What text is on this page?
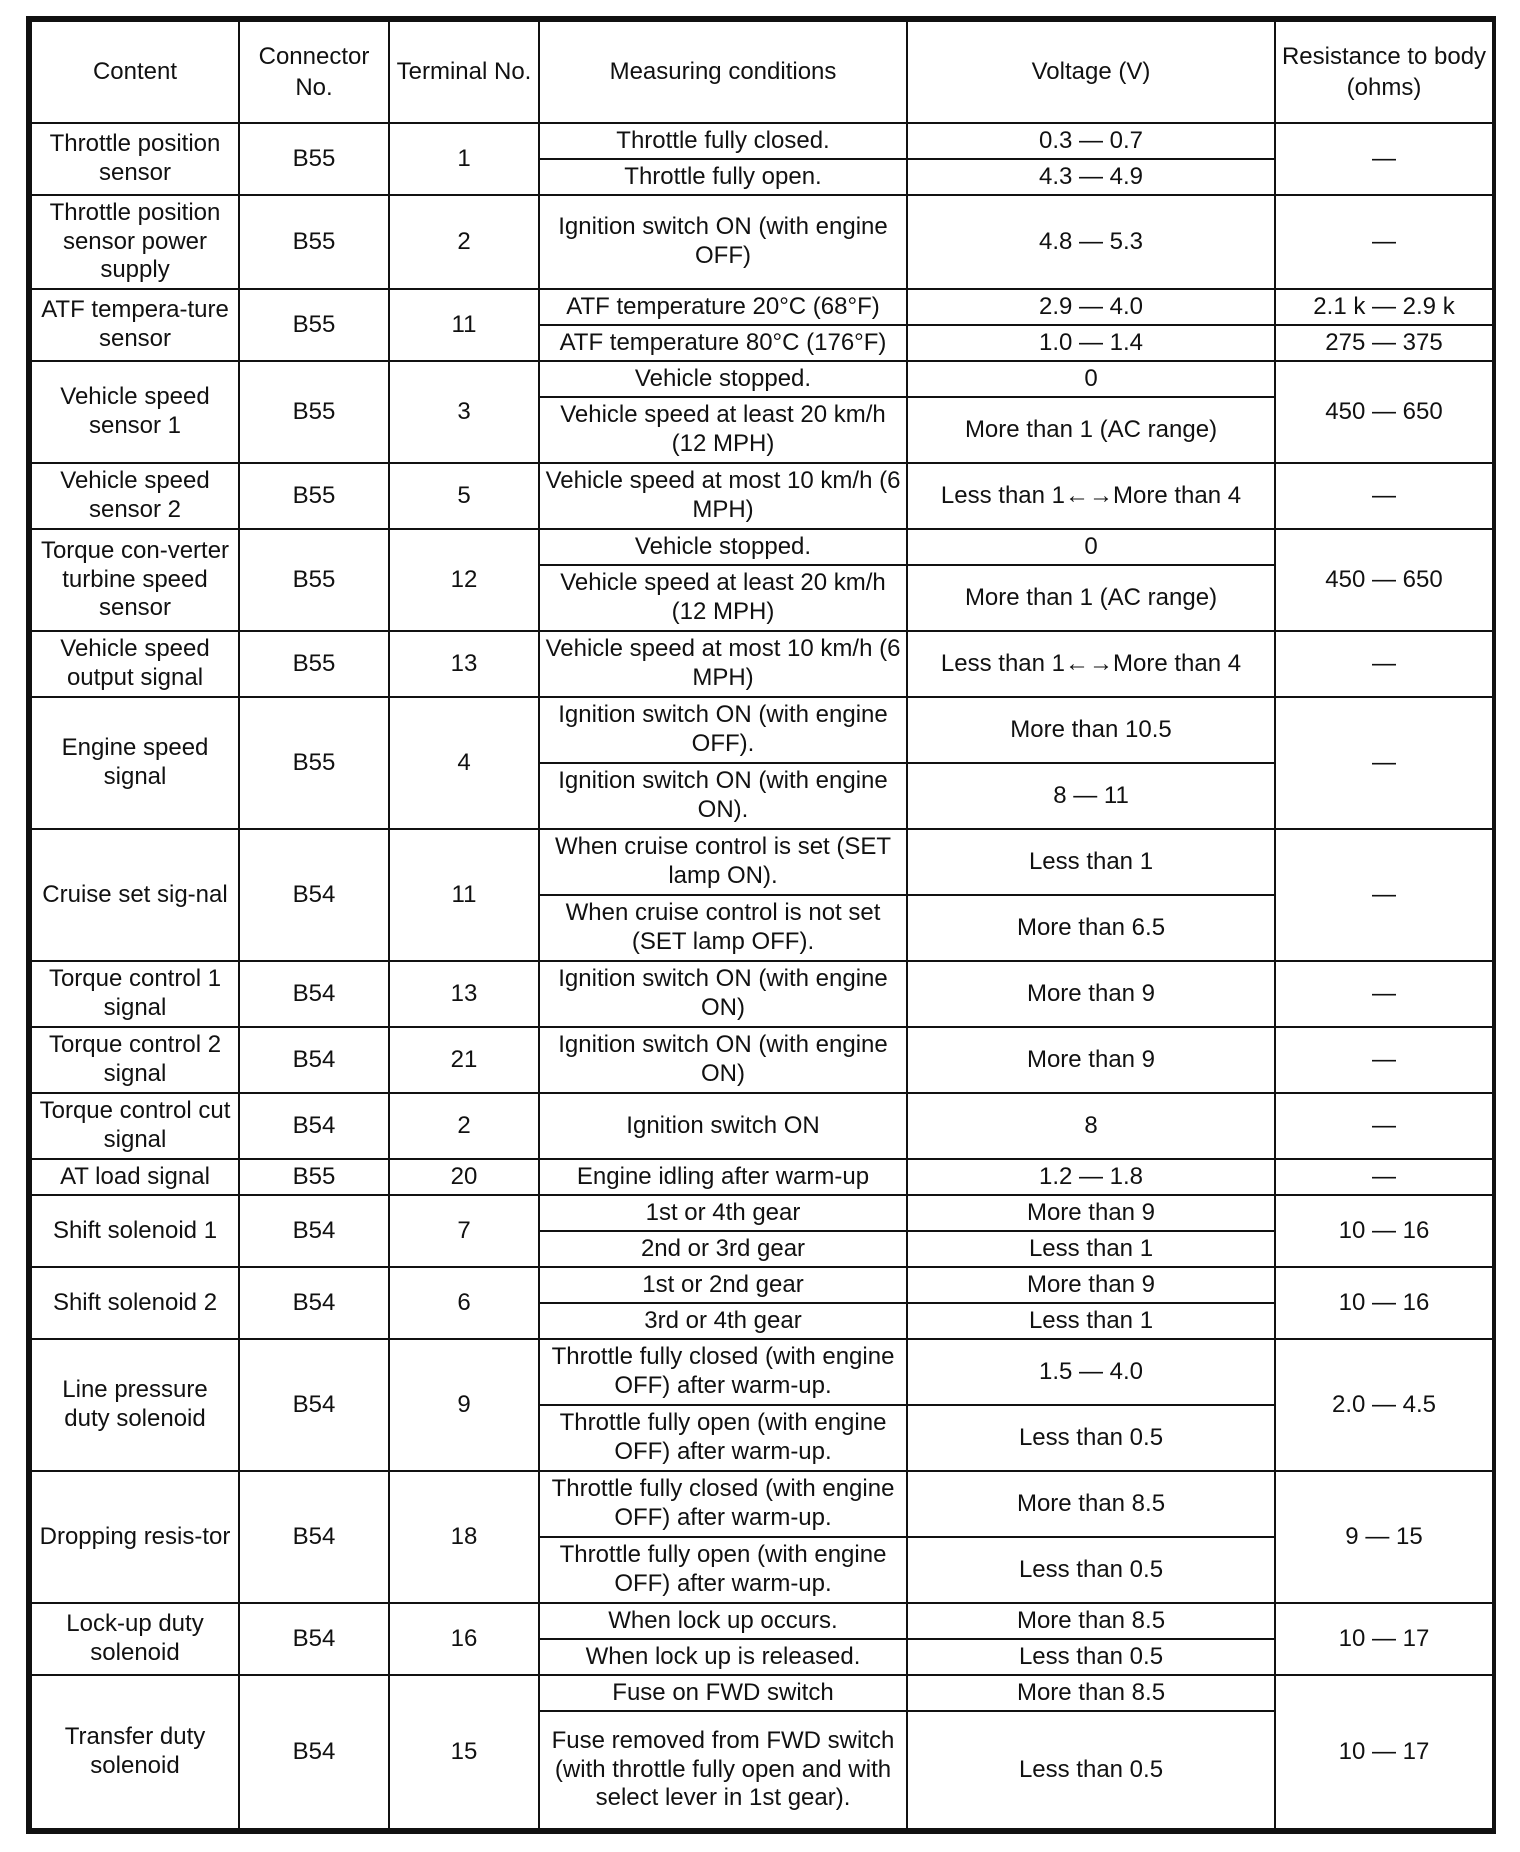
Content	Connector No.	Terminal No.	Measuring conditions	Voltage (V)	Resistance to body (ohms)
Throttle position sensor	B55	1	Throttle fully closed.	0.3 — 0.7	—
			Throttle fully open.	4.3 — 4.9	
Throttle position sensor power supply	B55	2	Ignition switch ON (with engine OFF)	4.8 — 5.3	—
ATF tempera-ture sensor	B55	11	ATF temperature 20°C (68°F)	2.9 — 4.0	2.1 k — 2.9 k
			ATF temperature 80°C (176°F)	1.0 — 1.4	275 — 375
Vehicle speed sensor 1	B55	3	Vehicle stopped.	0	450 — 650
			Vehicle speed at least 20 km/h (12 MPH)	More than 1 (AC range)	
Vehicle speed sensor 2	B55	5	Vehicle speed at most 10 km/h (6 MPH)	Less than 1←→More than 4	—
Torque con-verter turbine speed sensor	B55	12	Vehicle stopped.	0	450 — 650
			Vehicle speed at least 20 km/h (12 MPH)	More than 1 (AC range)	
Vehicle speed output signal	B55	13	Vehicle speed at most 10 km/h (6 MPH)	Less than 1←→More than 4	—
Engine speed signal	B55	4	Ignition switch ON (with engine OFF).	More than 10.5	—
			Ignition switch ON (with engine ON).	8 — 11	
Cruise set sig-nal	B54	11	When cruise control is set (SET lamp ON).	Less than 1	—
			When cruise control is not set (SET lamp OFF).	More than 6.5	
Torque control 1 signal	B54	13	Ignition switch ON (with engine ON)	More than 9	—
Torque control 2 signal	B54	21	Ignition switch ON (with engine ON)	More than 9	—
Torque control cut signal	B54	2	Ignition switch ON	8	—
AT load signal	B55	20	Engine idling after warm-up	1.2 — 1.8	—
Shift solenoid 1	B54	7	1st or 4th gear	More than 9	10 — 16
			2nd or 3rd gear	Less than 1	
Shift solenoid 2	B54	6	1st or 2nd gear	More than 9	10 — 16
			3rd or 4th gear	Less than 1	
Line pressure duty solenoid	B54	9	Throttle fully closed (with engine OFF) after warm-up.	1.5 — 4.0	2.0 — 4.5
			Throttle fully open (with engine OFF) after warm-up.	Less than 0.5	
Dropping resis-tor	B54	18	Throttle fully closed (with engine OFF) after warm-up.	More than 8.5	9 — 15
			Throttle fully open (with engine OFF) after warm-up.	Less than 0.5	
Lock-up duty solenoid	B54	16	When lock up occurs.	More than 8.5	10 — 17
			When lock up is released.	Less than 0.5	
Transfer duty solenoid	B54	15	Fuse on FWD switch	More than 8.5	10 — 17
			Fuse removed from FWD switch (with throttle fully open and with select lever in 1st gear).	Less than 0.5	
